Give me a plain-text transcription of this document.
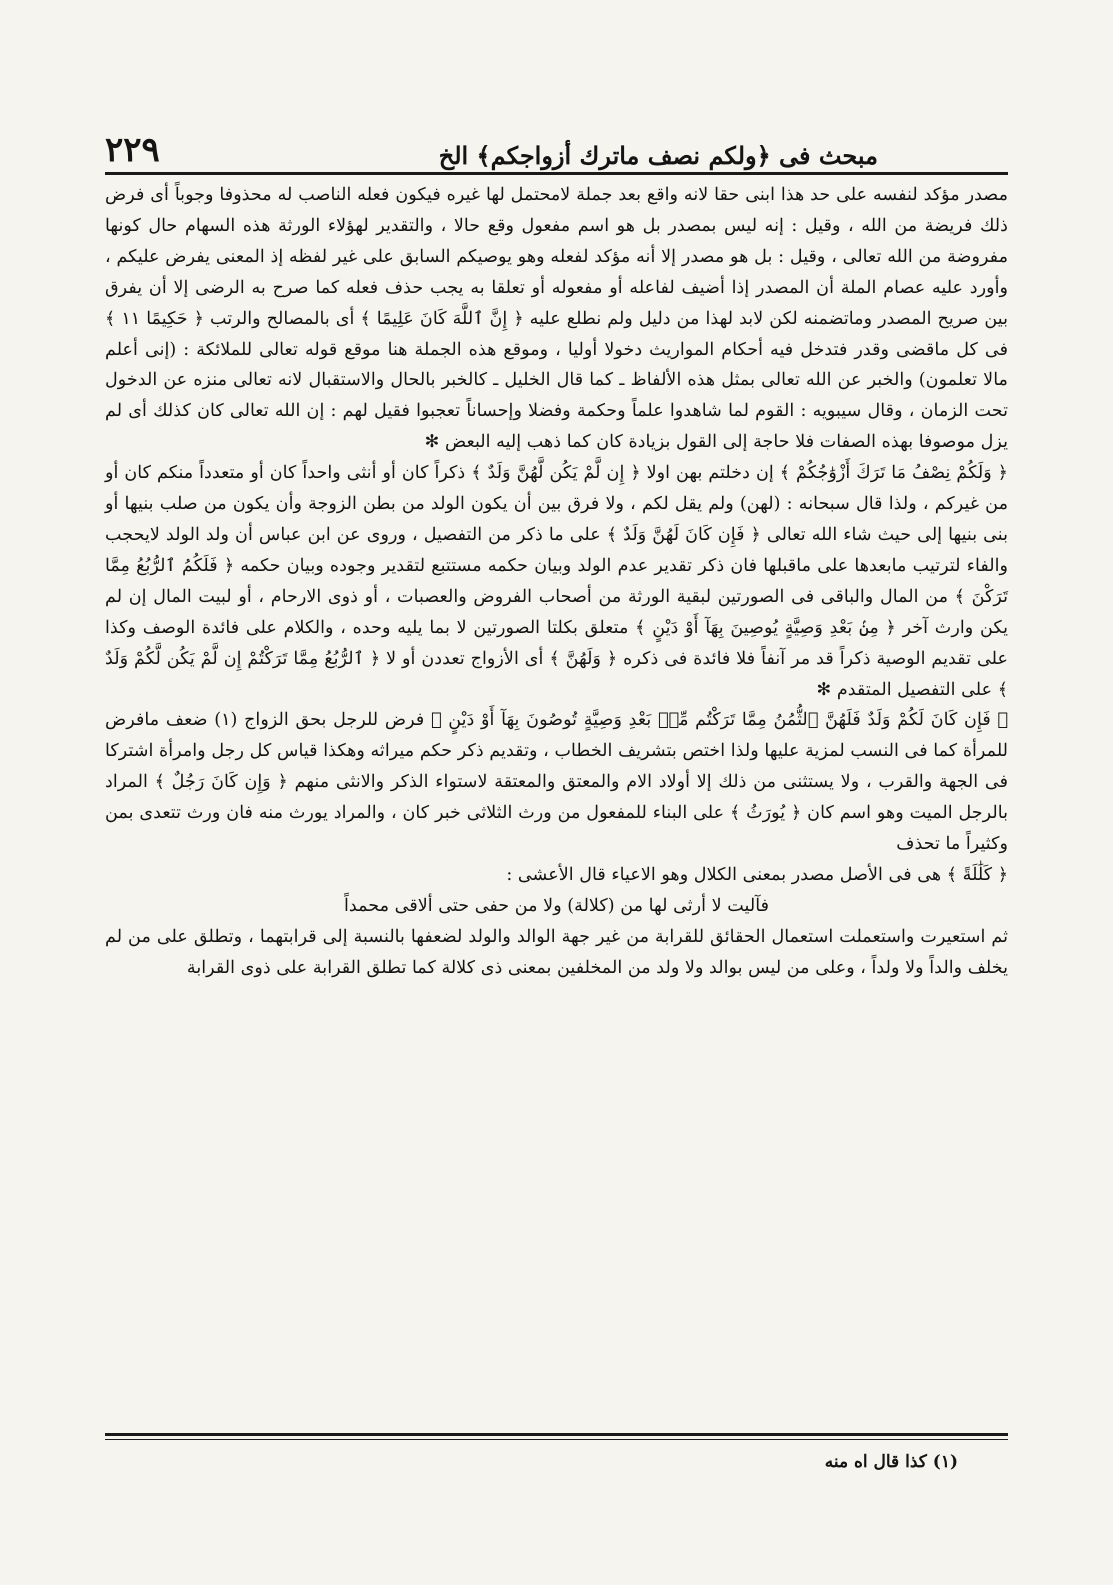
٢٢٩	مبحث فى ﴿ولكم نصف ماترك أزواجكم﴾ الخ

مصدر مؤكد لنفسه على حد هذا ابنى حقا لانه واقع بعد جملة لامحتمل لها غيره فيكون فعله الناصب له محذوفا وجوباً أى فرض ذلك فريضة من الله ، وقيل : إنه ليس بمصدر بل هو اسم مفعول وقع حالا ، والتقدير لهؤلاء الورثة هذه السهام حال كونها مفروضة من الله تعالى ، وقيل : بل هو مصدر إلا أنه مؤكد لفعله وهو يوصيكم السابق على غير لفظه إذ المعنى يفرض عليكم ، وأورد عليه عصام الملة أن المصدر إذا أضيف لفاعله أو مفعوله أو تعلقا به يجب حذف فعله كما صرح به الرضى إلا أن يفرق بين صريح المصدر وماتضمنه لكن لابد لهذا من دليل ولم نطلع عليه ﴿ إِنَّ ٱللَّهَ كَانَ عَلِيمًا ﴾ أى بالمصالح والرتب ﴿ حَكِيمًا ١١ ﴾ فى كل ماقضى وقدر فتدخل فيه أحكام المواريث دخولا أوليا ، وموقع هذه الجملة هنا موقع قوله تعالى للملائكة : (إنى أعلم مالا تعلمون) والخبر عن الله تعالى بمثل هذه الألفاظ ـ كما قال الخليل ـ كالخبر بالحال والاستقبال لانه تعالى منزه عن الدخول تحت الزمان ، وقال سيبويه : القوم لما شاهدوا علماً وحكمة وفضلا وإحساناً تعجبوا فقيل لهم : إن الله تعالى كان كذلك أى لم يزل موصوفا بهذه الصفات فلا حاجة إلى القول بزيادة كان كما ذهب إليه البعض ✻

﴿ وَلَكُمْ نِصْفُ مَا تَرَكَ أَزْوَٰجُكُمْ ﴾ إن دخلتم بهن اولا ﴿ إِن لَّمْ يَكُن لَّهُنَّ وَلَدٌ ﴾ ذكراً كان أو أنثى واحداً كان أو متعدداً منكم كان أو من غيركم ، ولذا قال سبحانه : (لهن) ولم يقل لكم ، ولا فرق بين أن يكون الولد من بطن الزوجة وأن يكون من صلب بنيها أو بنى بنيها إلى حيث شاء الله تعالى ﴿ فَإِن كَانَ لَهُنَّ وَلَدٌ ﴾ على ما ذكر من التفصيل ، وروى عن ابن عباس أن ولد الولد لايحجب والفاء لترتيب مابعدها على ماقبلها فان ذكر تقدير عدم الولد وبيان حكمه مستتبع لتقدير وجوده وبيان حكمه ﴿ فَلَكُمُ ٱلرُّبُعُ مِمَّا تَرَكْنَ ﴾ من المال والباقى فى الصورتين لبقية الورثة من أصحاب الفروض والعصبات ، أو ذوى الارحام ، أو لبيت المال إن لم يكن وارث آخر ﴿ مِنۢ بَعْدِ وَصِيَّةٍ يُوصِينَ بِهَآ أَوْ دَيْنٍ ﴾ متعلق بكلتا الصورتين لا بما يليه وحده ، والكلام على فائدة الوصف وكذا على تقديم الوصية ذكراً قد مر آنفاً فلا فائدة فى ذكره ﴿ وَلَهُنَّ ﴾ أى الأزواج تعددن أو لا ﴿ ٱلرُّبُعُ مِمَّا تَرَكْتُمْ إِن لَّمْ يَكُن لَّكُمْ وَلَدٌ ﴾ على التفصيل المتقدم ✻

﴿ فَإِن كَانَ لَكُمْ وَلَدٌ فَلَهُنَّ ٱلثُّمُنُ مِمَّا تَرَكْتُم مِّنۢ بَعْدِ وَصِيَّةٍ تُوصُونَ بِهَآ أَوْ دَيْنٍ ﴾ فرض للرجل بحق الزواج (١) ضعف مافرض للمرأة كما فى النسب لمزية عليها ولذا اختص بتشريف الخطاب ، وتقديم ذكر حكم ميراثه وهكذا قياس كل رجل وامرأة اشتركا فى الجهة والقرب ، ولا يستثنى من ذلك إلا أولاد الام والمعتق والمعتقة لاستواء الذكر والانثى منهم ﴿ وَإِن كَانَ رَجُلٌ ﴾ المراد بالرجل الميت وهو اسم كان ﴿ يُورَثُ ﴾ على البناء للمفعول من ورث الثلاثى خبر كان ، والمراد يورث منه فان ورث تتعدى بمن وكثيراً ما تحذف

﴿ كَلَٰلَةً ﴾ هى فى الأصل مصدر بمعنى الكلال وهو الاعياء قال الأعشى :

فآليت لا أرثى لها من (كلالة) ولا من حفى حتى ألاقى محمداً

ثم استعيرت واستعملت استعمال الحقائق للقرابة من غير جهة الوالد والولد لضعفها بالنسبة إلى قرابتهما ، وتطلق على من لم يخلف والداً ولا ولداً ، وعلى من ليس بوالد ولا ولد من المخلفين بمعنى ذى كلالة كما تطلق القرابة على ذوى القرابة

(١) كذا قال اه منه
